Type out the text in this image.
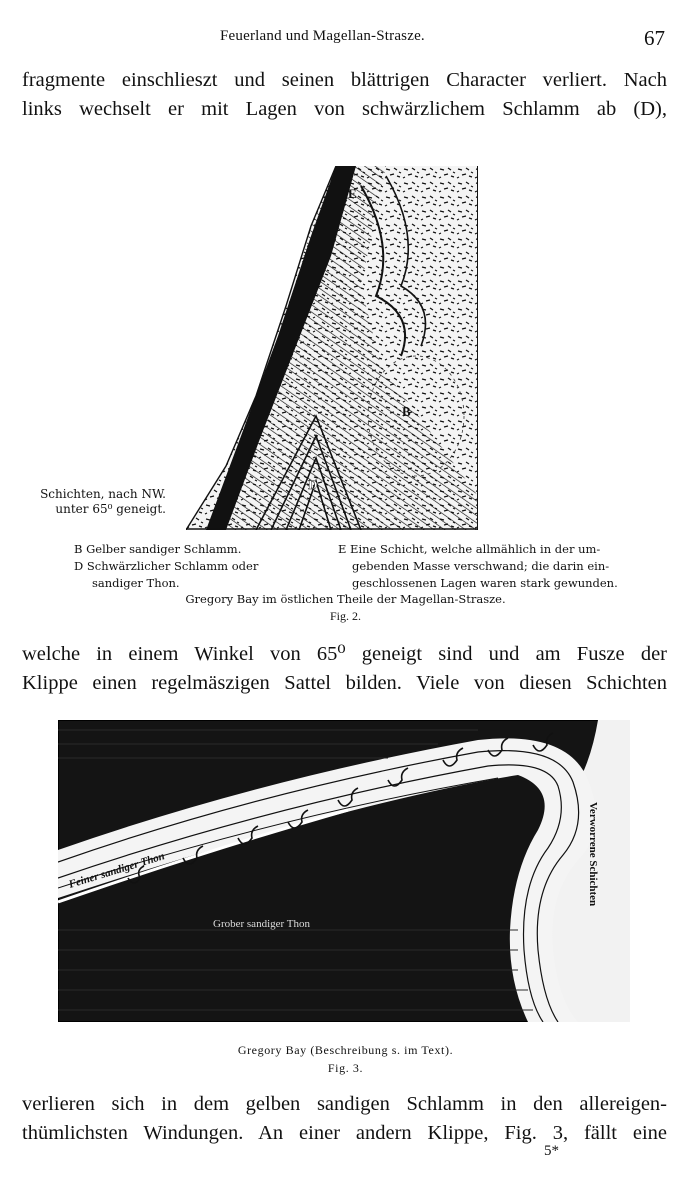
Feuerland und Magellan-Strasze.	67
fragmente einschlieszt und seinen blättrigen Character verliert. Nach
links wechselt er mit Lagen von schwärzlichem Schlamm ab (D),
E
B
D
Schichten, nach NW.
unter 65⁰ geneigt.
B Gelber sandiger Schlamm.
D Schwärzlicher Schlamm oder
sandiger Thon.
E Eine Schicht, welche allmählich in der um-
gebenden Masse verschwand; die darin ein-
geschlossenen Lagen waren stark gewunden.
Gregory Bay im östlichen Theile der Magellan-Strasze.
Fig. 2.
welche in einem Winkel von 65⁰ geneigt sind und am Fusze der
Klippe einen regelmäszigen Sattel bilden. Viele von diesen Schichten
Feiner sandiger Thon
Grober sandiger Thon
Verworrene Schichten
Gregory Bay (Beschreibung s. im Text).
Fig. 3.
verlieren sich in dem gelben sandigen Schlamm in den allereigen-
thümlichsten Windungen. An einer andern Klippe, Fig. 3, fällt eine
5*
